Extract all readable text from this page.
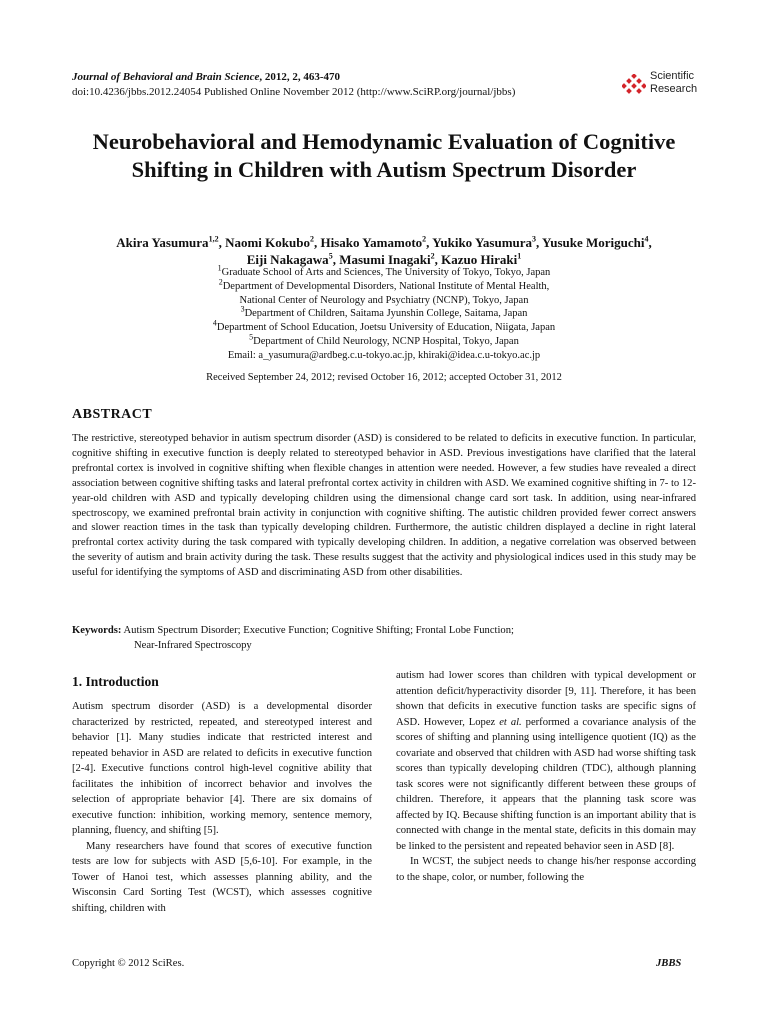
Journal of Behavioral and Brain Science, 2012, 2, 463-470
doi:10.4236/jbbs.2012.24054 Published Online November 2012 (http://www.SciRP.org/journal/jbbs)
Scientific
Research
Neurobehavioral and Hemodynamic Evaluation of Cognitive Shifting in Children with Autism Spectrum Disorder
Akira Yasumura$^{1,2}$, Naomi Kokubo$^2$, Hisako Yamamoto$^2$, Yukiko Yasumura$^3$, Yusuke Moriguchi$^4$,
Eiji Nakagawa$^5$, Masumi Inagaki$^2$, Kazuo Hiraki$^1$
$^1$Graduate School of Arts and Sciences, The University of Tokyo, Tokyo, Japan
$^2$Department of Developmental Disorders, National Institute of Mental Health,
National Center of Neurology and Psychiatry (NCNP), Tokyo, Japan
$^3$Department of Children, Saitama Jyunshin College, Saitama, Japan
$^4$Department of School Education, Joetsu University of Education, Niigata, Japan
$^5$Department of Child Neurology, NCNP Hospital, Tokyo, Japan
Email: a_yasumura@ardbeg.c.u-tokyo.ac.jp, khiraki@idea.c.u-tokyo.ac.jp
Received September 24, 2012; revised October 16, 2012; accepted October 31, 2012
ABSTRACT
The restrictive, stereotyped behavior in autism spectrum disorder (ASD) is considered to be related to deficits in executive function. In particular, cognitive shifting in executive function is deeply related to stereotyped behavior in ASD. Previous investigations have clarified that the lateral prefrontal cortex is involved in cognitive shifting when flexible changes in attention were needed. However, a few studies have revealed a direct association between cognitive shifting tasks and lateral prefrontal cortex activity in children with ASD. We examined cognitive shifting in 7- to 12-year-old children with ASD and typically developing children using the dimensional change card sort task. In addition, using near-infrared spectroscopy, we examined prefrontal brain activity in conjunction with cognitive shifting. The autistic children provided fewer correct answers and slower reaction times in the task than typically developing children. Furthermore, the autistic children displayed a decline in right lateral prefrontal cortex activity during the task compared with typically developing children. In addition, a negative correlation was observed between the severity of autism and brain activity during the task. These results suggest that the activity and physiological indices used in this study may be useful for identifying the symptoms of ASD and discriminating ASD from other disabilities.
Keywords: Autism Spectrum Disorder; Executive Function; Cognitive Shifting; Frontal Lobe Function;
Near-Infrared Spectroscopy
1. Introduction

Autism spectrum disorder (ASD) is a developmental disorder characterized by restricted, repeated, and stereotyped interest and behavior [1]. Many studies indicate that restricted interest and repeated behavior in ASD are related to deficits in executive function [2-4]. Executive functions control high-level cognitive ability that facilitates the inhibition of incorrect behavior and involves the selection of appropriate behavior [4]. There are six domains of executive function: inhibition, working memory, sentence memory, planning, fluency, and shifting [5].

Many researchers have found that scores of executive function tests are low for subjects with ASD [5,6-10]. For example, in the Tower of Hanoi test, which assesses planning ability, and the Wisconsin Card Sorting Test (WCST), which assesses cognitive shifting, children with

autism had lower scores than children with typical development or attention deficit/hyperactivity disorder [9, 11]. Therefore, it has been shown that deficits in executive function tasks are specific signs of ASD. However, Lopez et al. performed a covariance analysis of the scores of shifting and planning using intelligence quotient (IQ) as the covariate and observed that children with ASD had worse shifting task scores than typically developing children (TDC), although planning task scores were not significantly different between these groups of children. Therefore, it appears that the planning task score was affected by IQ. Because shifting function is an important ability that is connected with change in the mental state, deficits in this domain may be linked to the persistent and repeated behavior seen in ASD [8].

In WCST, the subject needs to change his/her response according to the shape, color, or number, following the

Copyright © 2012 SciRes.	JBBS
